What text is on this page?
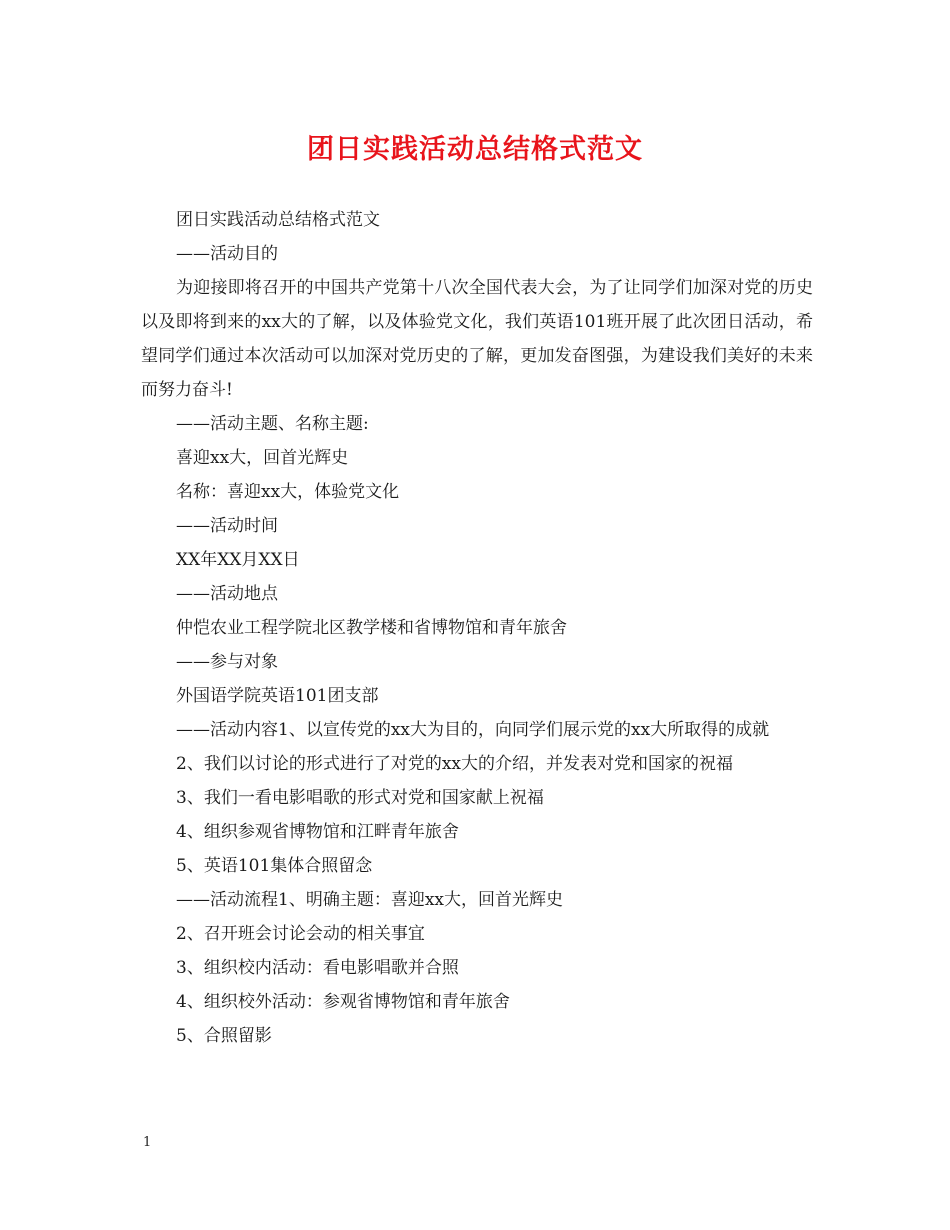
团日实践活动总结格式范文

团日实践活动总结格式范文

——活动目的

为迎接即将召开的中国共产党第十八次全国代表大会，为了让同学们加深对党的历史以及即将到来的xx大的了解，以及体验党文化，我们英语101班开展了此次团日活动，希望同学们通过本次活动可以加深对党历史的了解，更加发奋图强，为建设我们美好的未来而努力奋斗!

——活动主题、名称主题:

喜迎xx大，回首光辉史

名称：喜迎xx大，体验党文化

——活动时间

XX年XX月XX日

——活动地点

仲恺农业工程学院北区教学楼和省博物馆和青年旅舍

——参与对象

外国语学院英语101团支部

——活动内容1、以宣传党的xx大为目的，向同学们展示党的xx大所取得的成就

2、我们以讨论的形式进行了对党的xx大的介绍，并发表对党和国家的祝福

3、我们一看电影唱歌的形式对党和国家献上祝福

4、组织参观省博物馆和江畔青年旅舍

5、英语101集体合照留念

——活动流程1、明确主题：喜迎xx大，回首光辉史

2、召开班会讨论会动的相关事宜

3、组织校内活动：看电影唱歌并合照

4、组织校外活动：参观省博物馆和青年旅舍

5、合照留影

1
